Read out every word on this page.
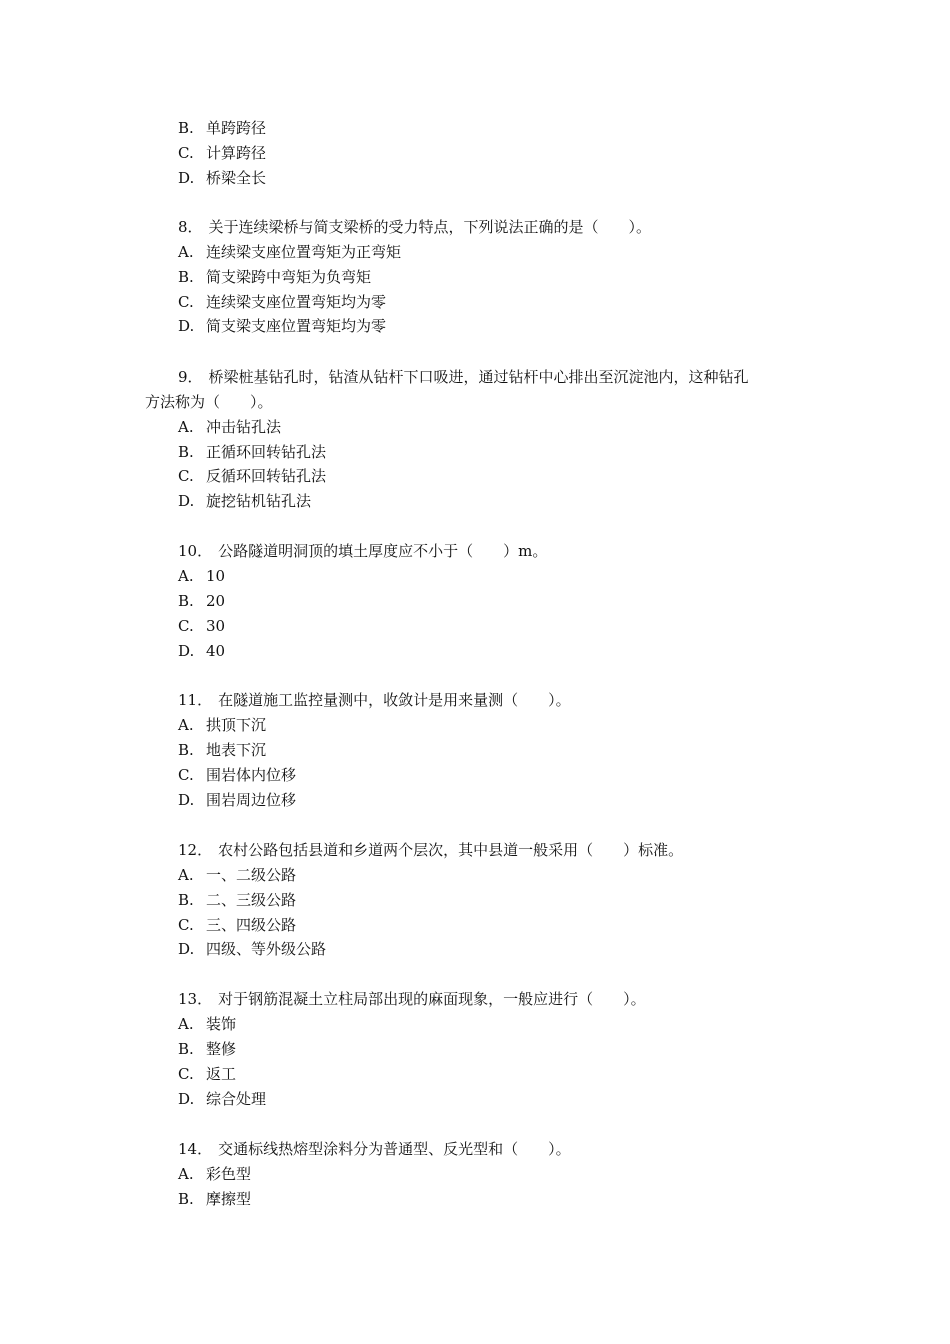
B. 单跨跨径
C. 计算跨径
D. 桥梁全长
8． 关于连续梁桥与简支梁桥的受力特点，下列说法正确的是（　　）。
A. 连续梁支座位置弯矩为正弯矩
B. 简支梁跨中弯矩为负弯矩
C. 连续梁支座位置弯矩均为零
D. 简支梁支座位置弯矩均为零
9． 桥梁桩基钻孔时，钻渣从钻杆下口吸进，通过钻杆中心排出至沉淀池内，这种钻孔
方法称为（　　）。
A. 冲击钻孔法
B. 正循环回转钻孔法
C. 反循环回转钻孔法
D. 旋挖钻机钻孔法
10． 公路隧道明洞顶的填土厚度应不小于（　　）m。
A. 10
B. 20
C. 30
D. 40
11． 在隧道施工监控量测中，收敛计是用来量测（　　）。
A. 拱顶下沉
B. 地表下沉
C. 围岩体内位移
D. 围岩周边位移
12． 农村公路包括县道和乡道两个层次，其中县道一般采用（　　）标准。
A. 一、二级公路
B. 二、三级公路
C. 三、四级公路
D. 四级、等外级公路
13． 对于钢筋混凝土立柱局部出现的麻面现象，一般应进行（　　）。
A. 装饰
B. 整修
C. 返工
D. 综合处理
14． 交通标线热熔型涂料分为普通型、反光型和（　　）。
A. 彩色型
B. 摩擦型
